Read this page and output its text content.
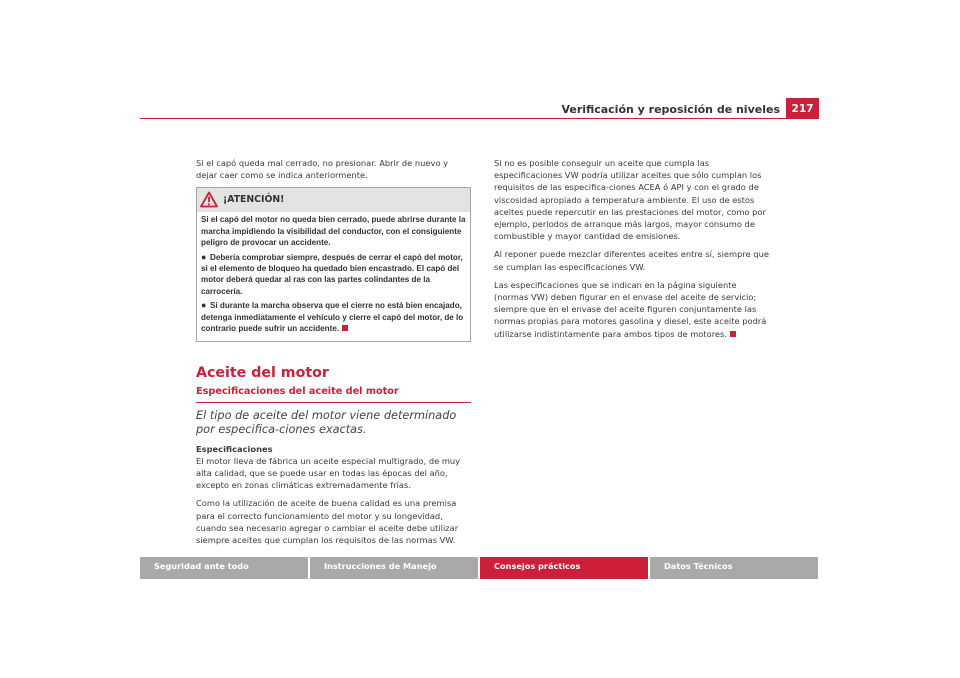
Verificación y reposición de niveles	217

Si el capó queda mal cerrado, no presionar. Abrir de nuevo y dejar caer como se indica anteriormente.

¡ATENCIÓN!

Si el capó del motor no queda bien cerrado, puede abrirse durante la marcha impidiendo la visibilidad del conductor, con el consiguiente peligro de provocar un accidente.

● Debería comprobar siempre, después de cerrar el capó del motor, si el elemento de bloqueo ha quedado bien encastrado. El capó del motor deberá quedar al ras con las partes colindantes de la carrocería.

● Si durante la marcha observa que el cierre no está bien encajado, detenga inmediatamente el vehículo y cierre el capó del motor, de lo contrario puede sufrir un accidente.

Aceite del motor
Especificaciones del aceite del motor

El tipo de aceite del motor viene determinado por especifica-ciones exactas.

Especificaciones

El motor lleva de fábrica un aceite especial multigrado, de muy alta calidad, que se puede usar en todas las épocas del año, excepto en zonas climáticas extremadamente frías.

Como la utilización de aceite de buena calidad es una premisa para el correcto funcionamiento del motor y su longevidad, cuando sea necesario agregar o cambiar el aceite debe utilizar siempre aceites que cumplan los requisitos de las normas VW.

Si no es posible conseguir un aceite que cumpla las especificaciones VW podría utilizar aceites que sólo cumplan los requisitos de las especifica-ciones ACEA ó API y con el grado de viscosidad apropiado a temperatura ambiente. El uso de estos aceites puede repercutir en las prestaciones del motor, como por ejemplo, periodos de arranque más largos, mayor consumo de combustible y mayor cantidad de emisiones.

Al reponer puede mezclar diferentes aceites entre sí, siempre que se cumplan las especificaciones VW.

Las especificaciones que se indican en la página siguiente (normas VW) deben figurar en el envase del aceite de servicio; siempre que en el envase del aceite figuren conjuntamente las normas propias para motores gasolina y diesel, este aceite podrá utilizarse indistintamente para ambos tipos de motores.

Seguridad ante todo	Instrucciones de Manejo	Consejos prácticos	Datos Técnicos
